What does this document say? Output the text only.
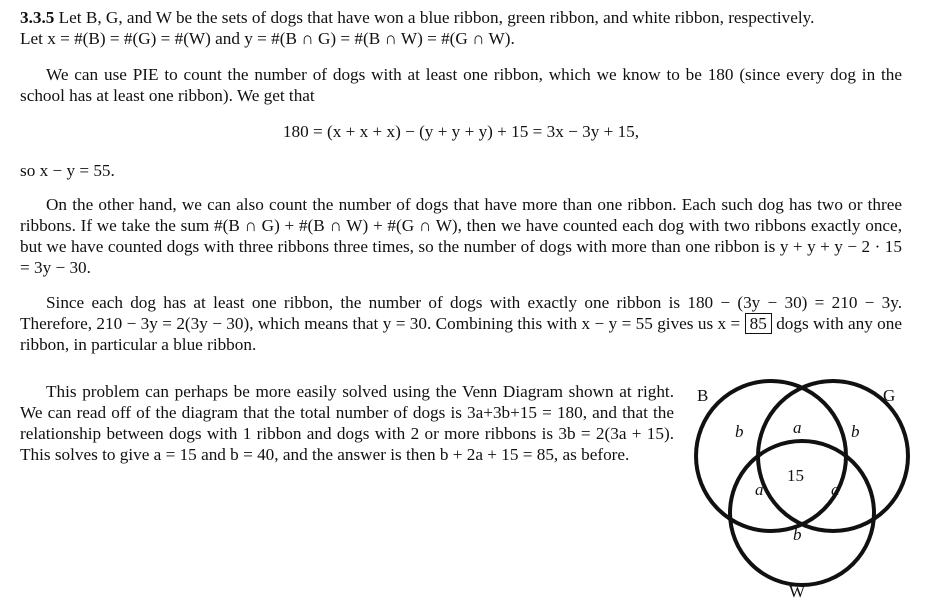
3.3.5 Let B, G, and W be the sets of dogs that have won a blue ribbon, green ribbon, and white ribbon, respectively.
Let x = #(B) = #(G) = #(W) and y = #(B ∩ G) = #(B ∩ W) = #(G ∩ W).

We can use PIE to count the number of dogs with at least one ribbon, which we know to be 180 (since every dog in the school has at least one ribbon). We get that

180 = (x + x + x) − (y + y + y) + 15 = 3x − 3y + 15,
so x − y = 55.

On the other hand, we can also count the number of dogs that have more than one ribbon. Each such dog has two or three ribbons. If we take the sum #(B ∩ G) + #(B ∩ W) + #(G ∩ W), then we have counted each dog with two ribbons exactly once, but we have counted dogs with three ribbons three times, so the number of dogs with more than one ribbon is y + y + y − 2 · 15 = 3y − 30.

Since each dog has at least one ribbon, the number of dogs with exactly one ribbon is 180 − (3y − 30) = 210 − 3y. Therefore, 210 − 3y = 2(3y − 30), which means that y = 30. Combining this with x − y = 55 gives us x = 85 dogs with any one ribbon, in particular a blue ribbon.

This problem can perhaps be more easily solved using the Venn Diagram shown at right. We can read off of the diagram that the total number of dogs is 3a+3b+15 = 180, and that the relationship between dogs with 1 ribbon and dogs with 2 or more ribbons is 3b = 2(3a + 15). This solves to give a = 15 and b = 40, and the answer is then b + 2a + 15 = 85, as before.

B	G
W
b	b
b
a
a	a
15
